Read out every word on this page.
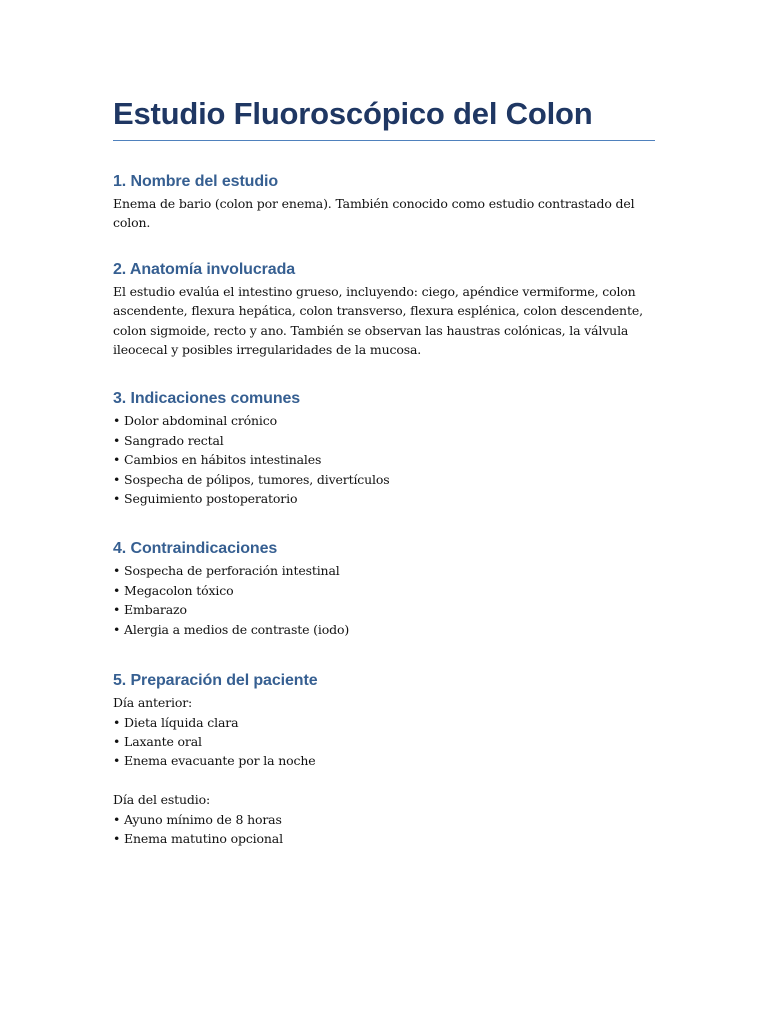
Estudio Fluoroscópico del Colon
1. Nombre del estudio

Enema de bario (colon por enema). También conocido como estudio contrastado del colon.

2. Anatomía involucrada

El estudio evalúa el intestino grueso, incluyendo: ciego, apéndice vermiforme, colon ascendente, flexura hepática, colon transverso, flexura esplénica, colon descendente, colon sigmoide, recto y ano. También se observan las haustras colónicas, la válvula ileocecal y posibles irregularidades de la mucosa.

3. Indicaciones comunes
• Dolor abdominal crónico
• Sangrado rectal
• Cambios en hábitos intestinales
• Sospecha de pólipos, tumores, divertículos
• Seguimiento postoperatorio
4. Contraindicaciones
• Sospecha de perforación intestinal
• Megacolon tóxico
• Embarazo
• Alergia a medios de contraste (iodo)
5. Preparación del paciente

Día anterior:

• Dieta líquida clara
• Laxante oral
• Enema evacuante por la noche

Día del estudio:

• Ayuno mínimo de 8 horas
• Enema matutino opcional
